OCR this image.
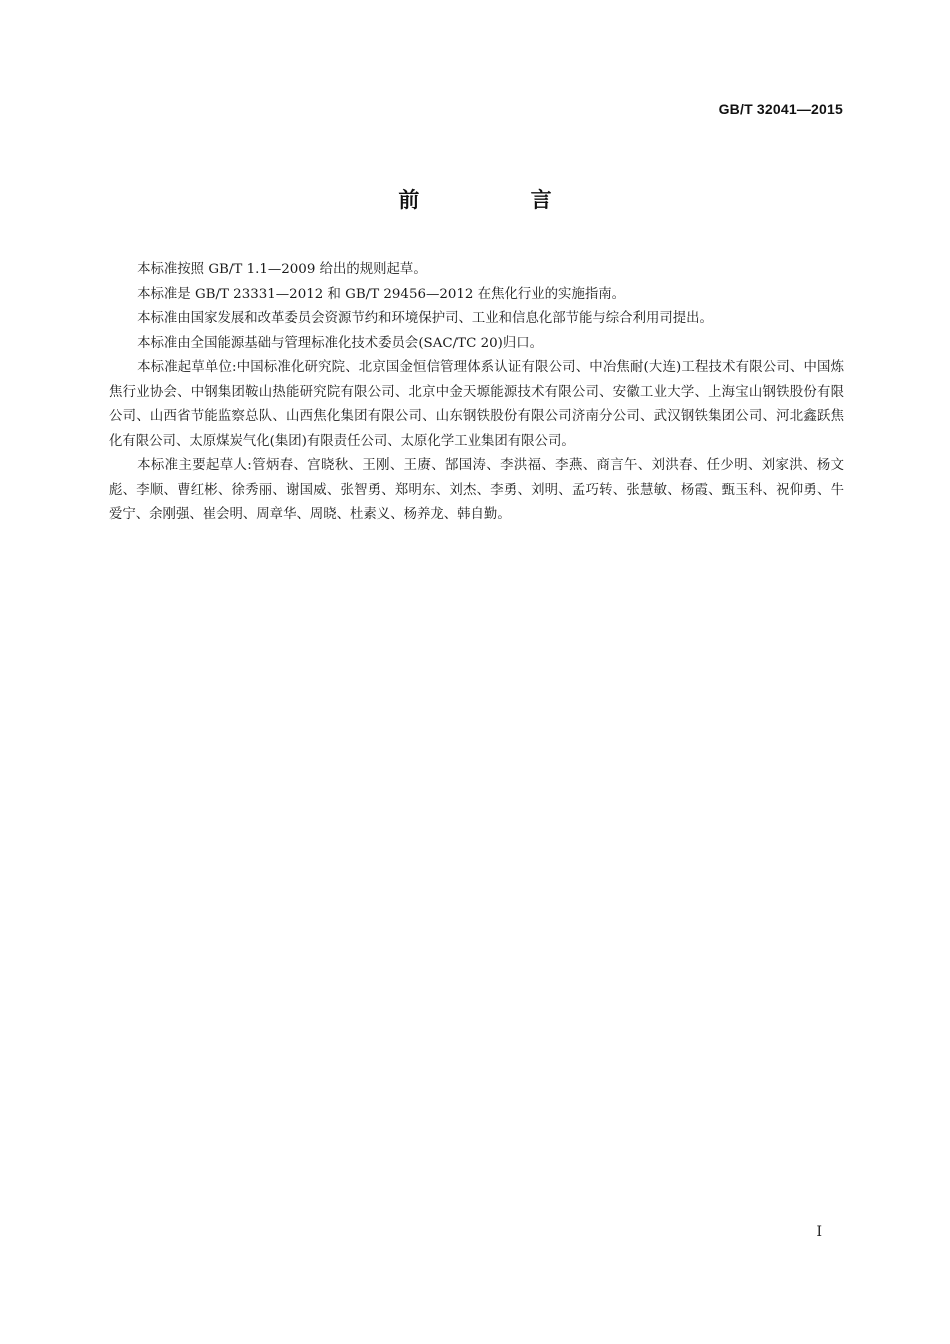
GB/T 32041—2015
前 言

本标准按照 GB/T 1.1—2009 给出的规则起草。

本标准是 GB/T 23331—2012 和 GB/T 29456—2012 在焦化行业的实施指南。

本标准由国家发展和改革委员会资源节约和环境保护司、工业和信息化部节能与综合利用司提出。

本标准由全国能源基础与管理标准化技术委员会(SAC/TC 20)归口。

本标准起草单位:中国标准化研究院、北京国金恒信管理体系认证有限公司、中冶焦耐(大连)工程技术有限公司、中国炼焦行业协会、中钢集团鞍山热能研究院有限公司、北京中金天塬能源技术有限公司、安徽工业大学、上海宝山钢铁股份有限公司、山西省节能监察总队、山西焦化集团有限公司、山东钢铁股份有限公司济南分公司、武汉钢铁集团公司、河北鑫跃焦化有限公司、太原煤炭气化(集团)有限责任公司、太原化学工业集团有限公司。

本标准主要起草人:管炳春、宫晓秋、王刚、王赓、郜国涛、李洪福、李燕、商言午、刘洪春、任少明、刘家洪、杨文彪、李顺、曹红彬、徐秀丽、谢国威、张智勇、郑明东、刘杰、李勇、刘明、孟巧转、张慧敏、杨霞、甄玉科、祝仰勇、牛爱宁、余刚强、崔会明、周章华、周晓、杜素义、杨养龙、韩自勤。

I
